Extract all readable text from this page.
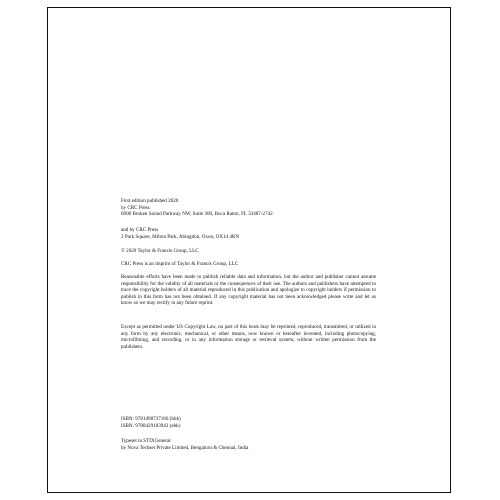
First edition published 2020
by CRC Press
6000 Broken Sound Parkway NW, Suite 300, Boca Raton, FL 33487-2742
and by CRC Press
2 Park Square, Milton Park, Abingdon, Oxon, OX14 4RN
© 2020 Taylor & Francis Group, LLC
CRC Press is an imprint of Taylor & Francis Group, LLC
Reasonable efforts have been made to publish reliable data and information, but the author and publisher cannot assume responsibility for the validity of all materials or the consequences of their use. The authors and publishers have attempted to trace the copyright holders of all material reproduced in this publication and apologize to copyright holders if permission to publish in this form has not been obtained. If any copyright material has not been acknowledged please write and let us know so we may rectify in any future reprint.
Except as permitted under US Copyright Law, no part of this book may be reprinted, reproduced, transmitted, or utilized in any form by any electronic, mechanical, or other means, now known or hereafter invented, including photocopying, microfilming, and recording, or in any information storage or retrieval system, without written permission from the publishers.
ISBN: 9781498737166 (hbk)
ISBN: 9780429183942 (ebk)
Typeset in STIXGeneral
by Nova Techset Private Limited, Bengaluru & Chennai, India
